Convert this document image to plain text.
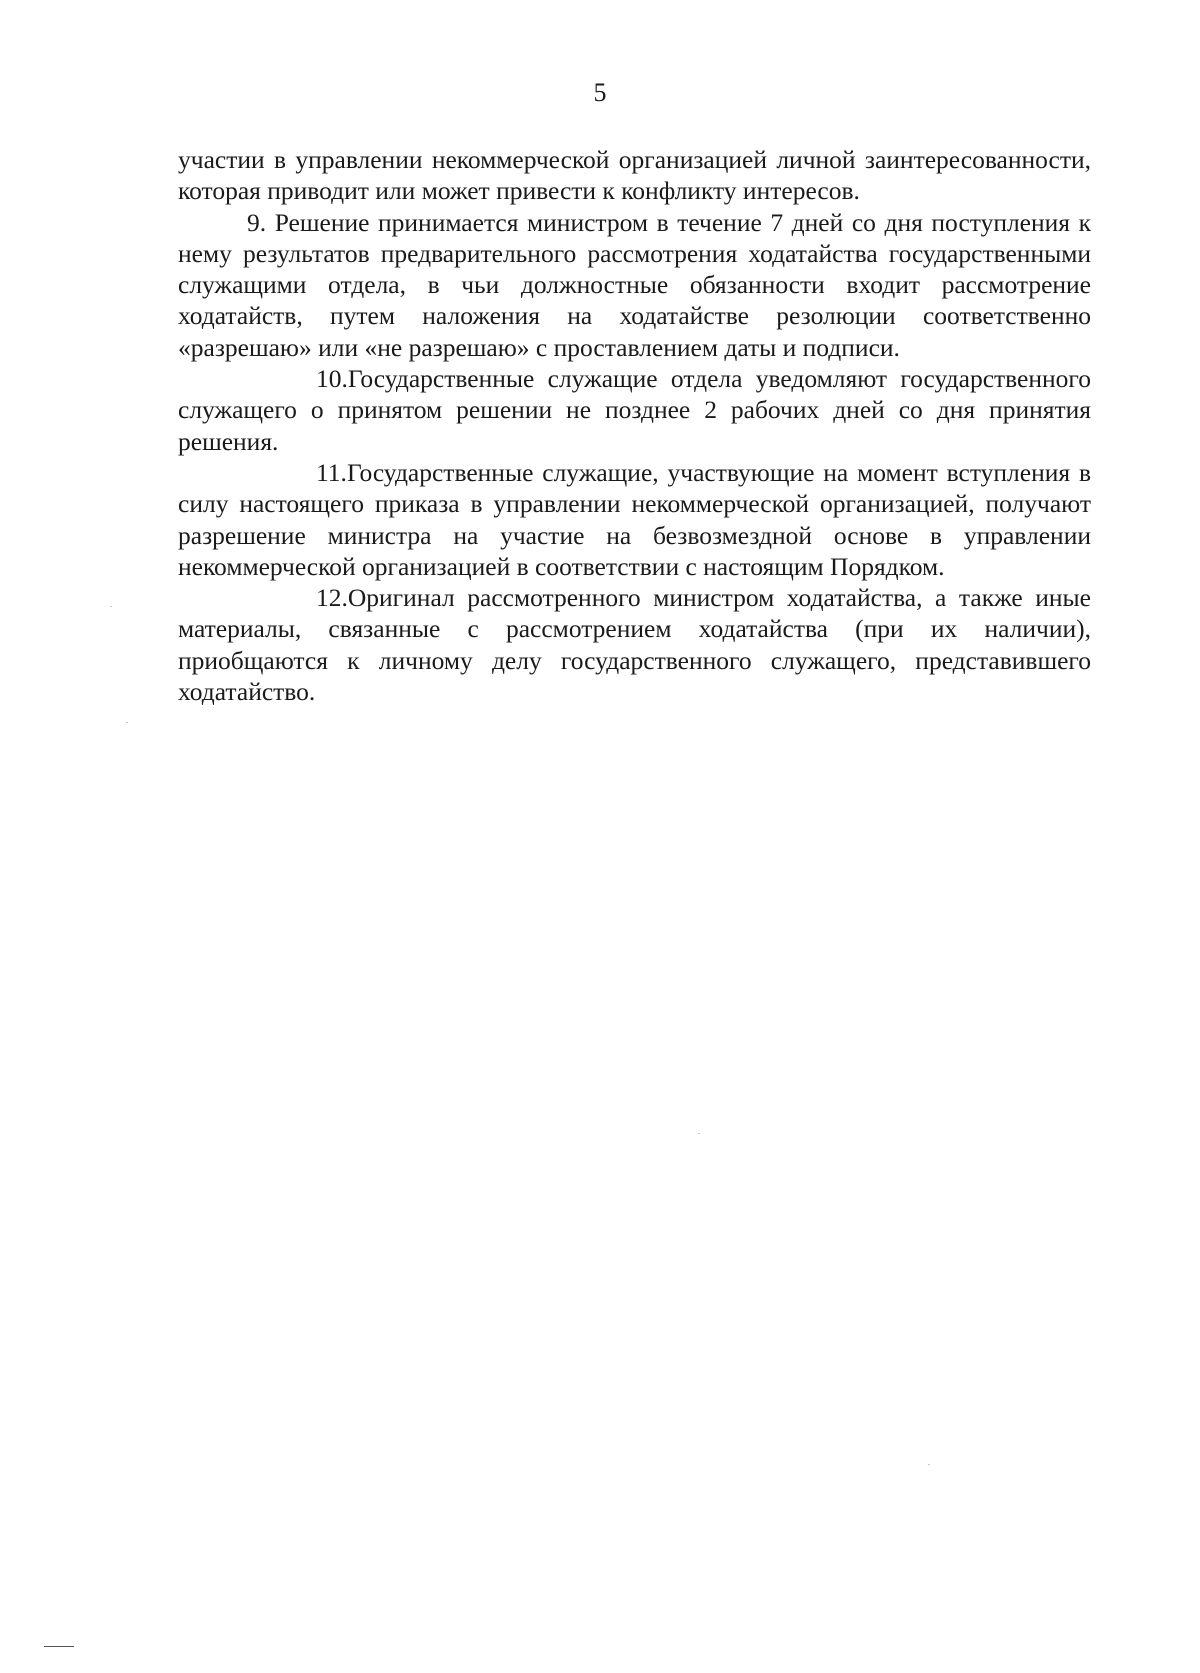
5

участии в управлении некоммерческой организацией личной заинтересованности, которая приводит или может привести к конфликту интересов.

9. Решение принимается министром в течение 7 дней со дня поступления к нему результатов предварительного рассмотрения ходатайства государственными служащими отдела, в чьи должностные обязанности входит рассмотрение ходатайств, путем наложения на ходатайстве резолюции соответственно «разрешаю» или «не разрешаю» с проставлением даты и подписи.

10.Государственные служащие отдела уведомляют государственного служащего о принятом решении не позднее 2 рабочих дней со дня принятия решения.

11.Государственные служащие, участвующие на момент вступления в силу настоящего приказа в управлении некоммерческой организацией, получают разрешение министра на участие на безвозмездной основе в управлении некоммерческой организацией в соответствии с настоящим Порядком.

12.Оригинал рассмотренного министром ходатайства, а также иные материалы, связанные с рассмотрением ходатайства (при их наличии), приобщаются к личному делу государственного служащего, представившего ходатайство.
